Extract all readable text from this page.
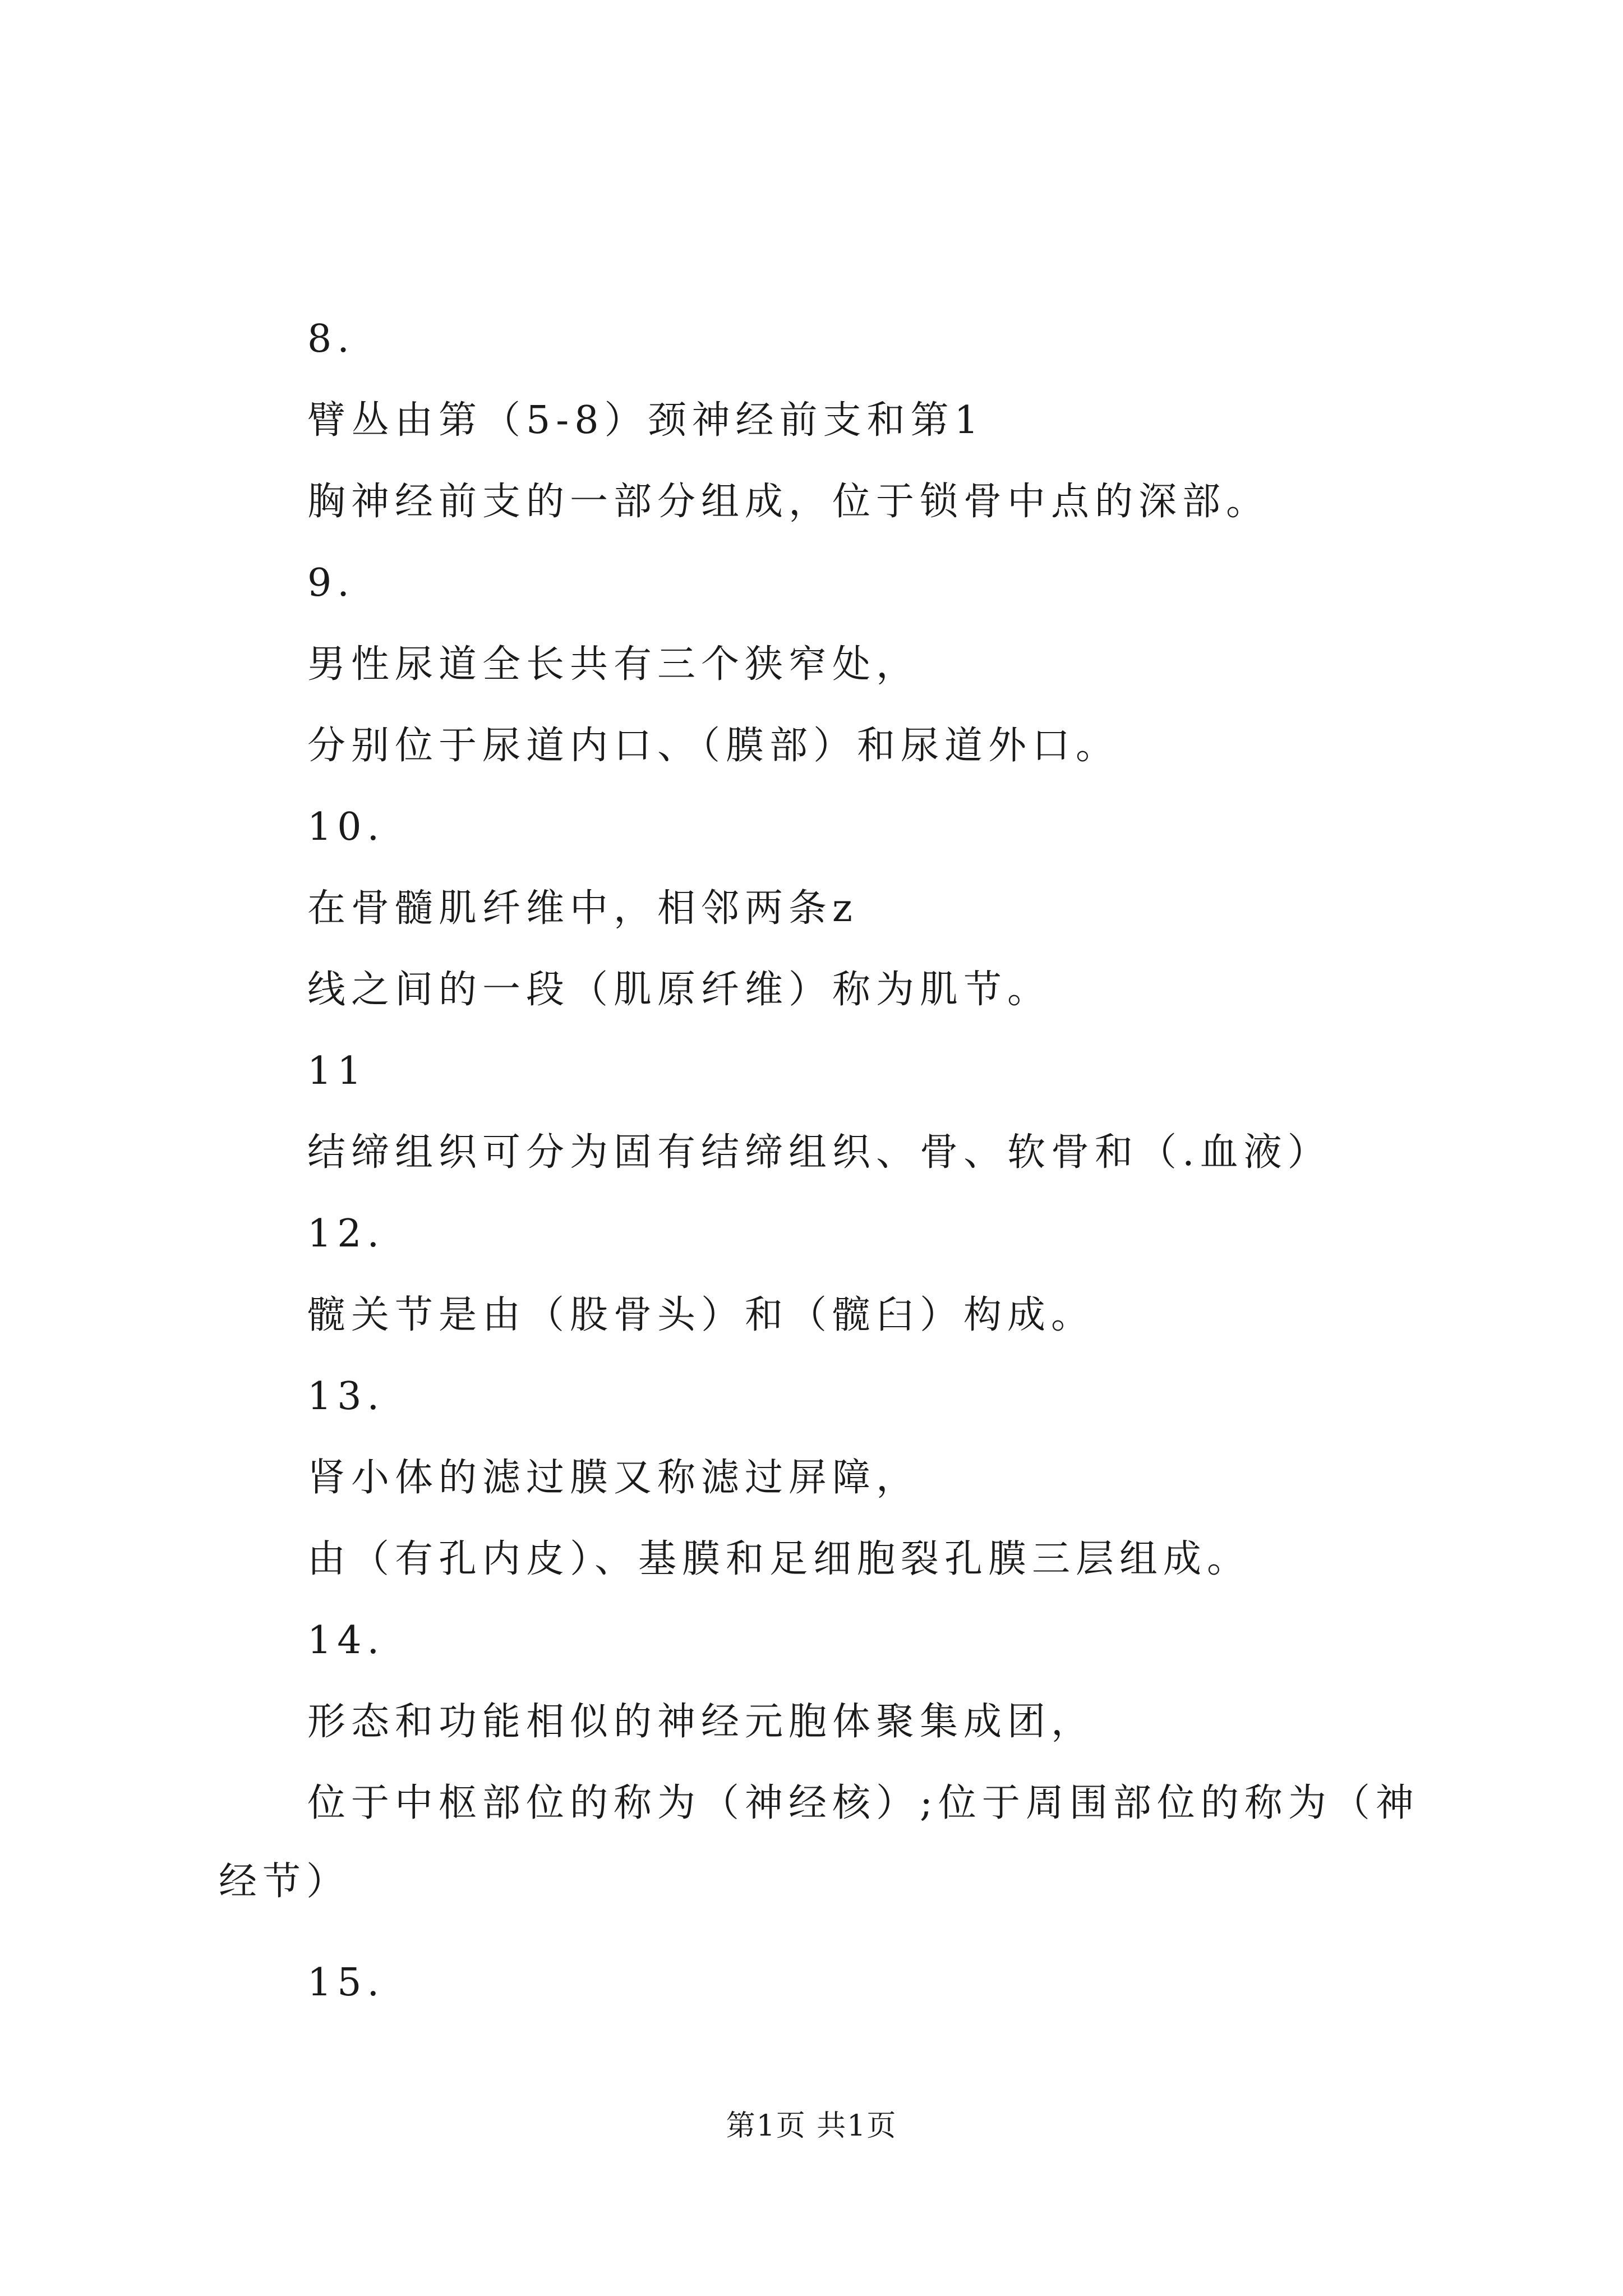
8.
臂丛由第（5-8）颈神经前支和第1
胸神经前支的一部分组成，位于锁骨中点的深部。
9.
男性尿道全长共有三个狭窄处，
分别位于尿道内口、（膜部）和尿道外口。
10.
在骨髓肌纤维中，相邻两条z
线之间的一段（肌原纤维）称为肌节。
11
结缔组织可分为固有结缔组织、骨、软骨和（.血液）
12.
髋关节是由（股骨头）和（髋臼）构成。
13.
肾小体的滤过膜又称滤过屏障，
由（有孔内皮）、基膜和足细胞裂孔膜三层组成。
14.
形态和功能相似的神经元胞体聚集成团，
位于中枢部位的称为（神经核）;位于周围部位的称为（神
经节）
15.
第1页 共1页
